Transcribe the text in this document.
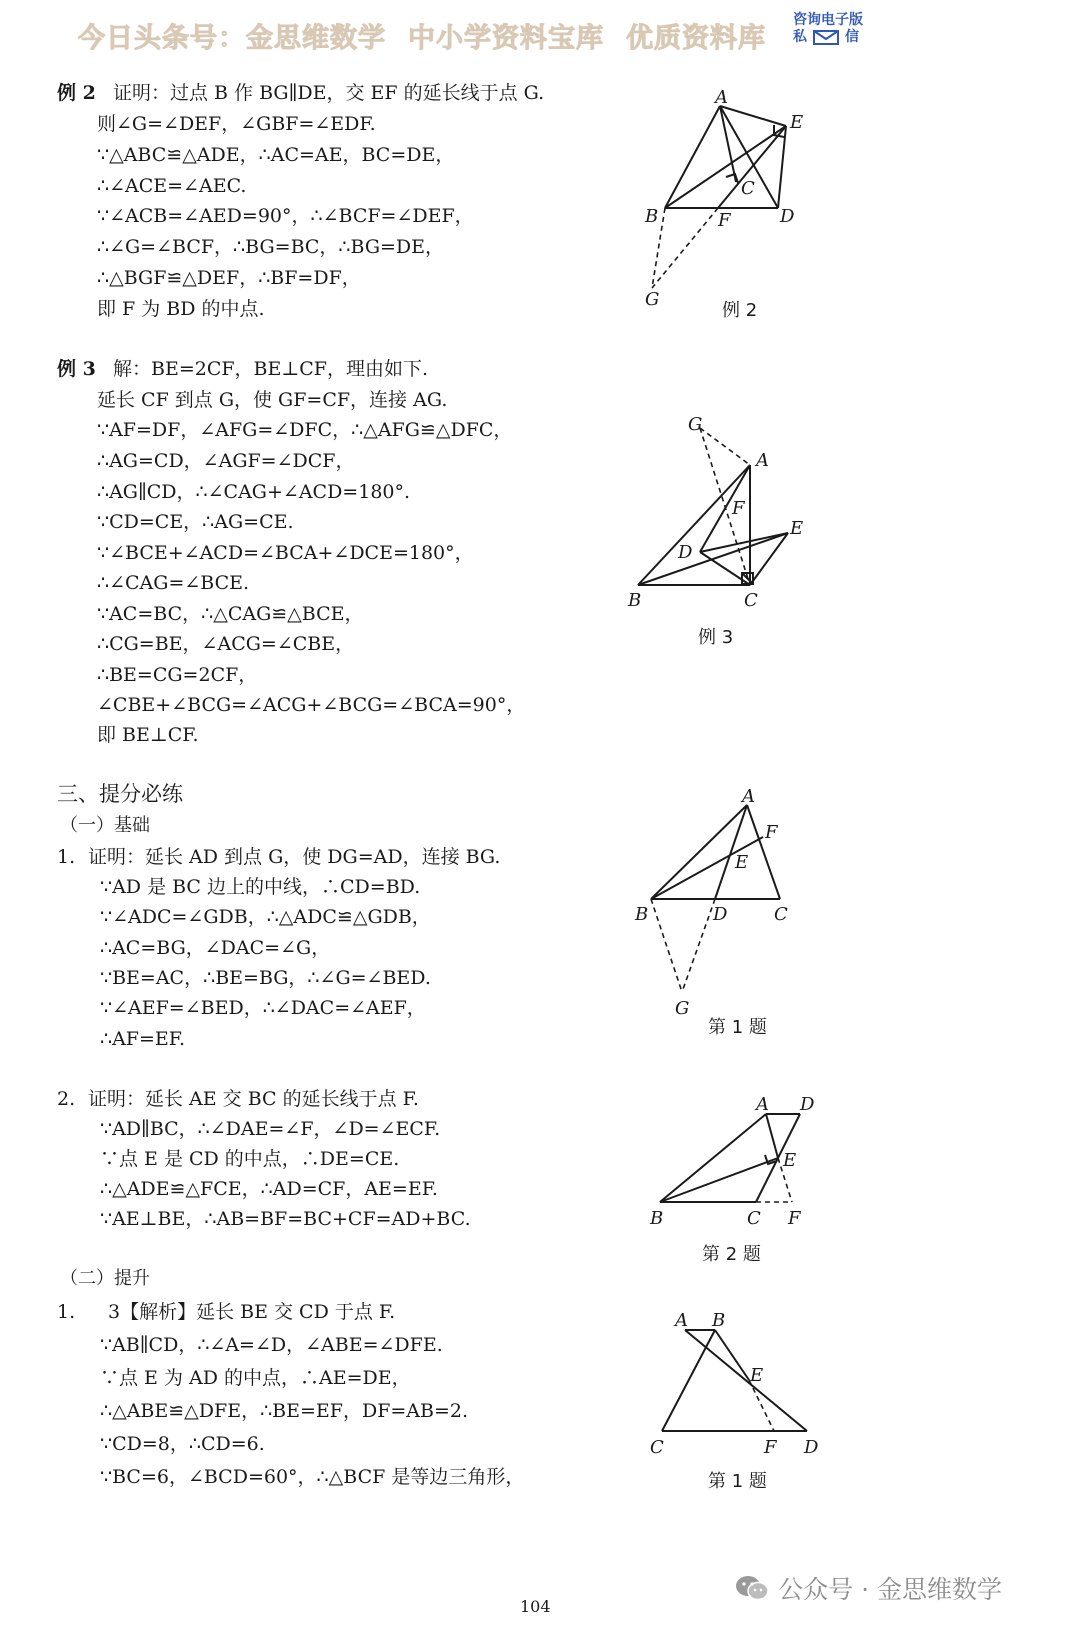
今日头条号：金思维数学 中小学资料宝库 优质资料库
咨询电子版
私	信
例 2 证明：过点 B 作 BG∥DE，交 EF 的延长线于点 G.
则∠G=∠DEF，∠GBF=∠EDF.
∵△ABC≌△ADE，∴AC=AE，BC=DE，
∴∠ACE=∠AEC.
∵∠ACB=∠AED=90°，∴∠BCF=∠DEF，
∴∠G=∠BCF，∴BG=BC，∴BG=DE，
∴△BGF≌△DEF，∴BF=DF，
即 F 为 BD 的中点.
A
E
C
B	F	D
G
例 2
例 3 解：BE=2CF，BE⊥CF，理由如下.
延长 CF 到点 G，使 GF=CF，连接 AG.
∵AF=DF，∠AFG=∠DFC，∴△AFG≌△DFC，
∴AG=CD，∠AGF=∠DCF，
∴AG∥CD，∴∠CAG+∠ACD=180°.
∵CD=CE，∴AG=CE.
∵∠BCE+∠ACD=∠BCA+∠DCE=180°，
∴∠CAG=∠BCE.
∵AC=BC，∴△CAG≌△BCE，
∴CG=BE，∠ACG=∠CBE，
∴BE=CG=2CF，
∠CBE+∠BCG=∠ACG+∠BCG=∠BCA=90°，
即 BE⊥CF.
G
A
F
E
D
B	C
例 3
三、提分必练
（一）基础
1. 证明：延长 AD 到点 G，使 DG=AD，连接 BG.
∵AD 是 BC 边上的中线，∴CD=BD.
∵∠ADC=∠GDB，∴△ADC≌△GDB，
∴AC=BG，∠DAC=∠G，
∵BE=AC，∴BE=BG，∴∠G=∠BED.
∵∠AEF=∠BED，∴∠DAC=∠AEF，
∴AF=EF.
A
F
E
B	D	C
G
第 1 题
2. 证明：延长 AE 交 BC 的延长线于点 F.
∵AD∥BC，∴∠DAE=∠F，∠D=∠ECF.
∵点 E 是 CD 的中点，∴DE=CE.
∴△ADE≌△FCE，∴AD=CF，AE=EF.
∵AE⊥BE，∴AB=BF=BC+CF=AD+BC.
A D
E
B	C F
第 2 题
（二）提升
1. 3【解析】延长 BE 交 CD 于点 F.
∵AB∥CD，∴∠A=∠D，∠ABE=∠DFE.
∵点 E 为 AD 的中点，∴AE=DE，
∴△ABE≌△DFE，∴BE=EF，DF=AB=2.
∵CD=8，∴CD=6.
∵BC=6，∠BCD=60°，∴△BCF 是等边三角形，
A B
E
C	F D
第 1 题
104
公众号 · 金思维数学
